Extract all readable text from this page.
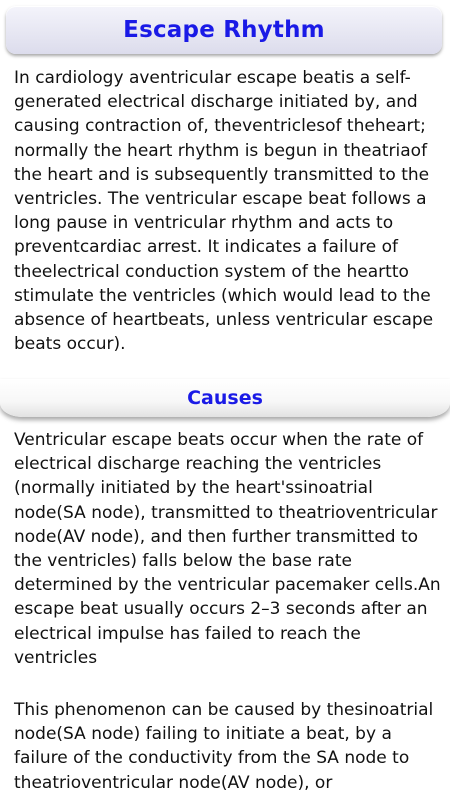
Escape Rhythm

In cardiology aventricular escape beatis a self-generated electrical discharge initiated by, and causing contraction of, theventriclesof theheart; normally the heart rhythm is begun in theatriaof the heart and is subsequently transmitted to the ventricles. The ventricular escape beat follows a long pause in ventricular rhythm and acts to preventcardiac arrest. It indicates a failure of theelectrical conduction system of the heartto stimulate the ventricles (which would lead to the absence of heartbeats, unless ventricular escape beats occur).

Causes

Ventricular escape beats occur when the rate of electrical discharge reaching the ventricles (normally initiated by the heart'ssinoatrial node(SA node), transmitted to theatrioventricular node(AV node), and then further transmitted to the ventricles) falls below the base rate determined by the ventricular pacemaker cells.An escape beat usually occurs 2–3 seconds after an electrical impulse has failed to reach the ventricles

This phenomenon can be caused by thesinoatrial node(SA node) failing to initiate a beat, by a failure of the conductivity from the SA node to theatrioventricular node(AV node), or
